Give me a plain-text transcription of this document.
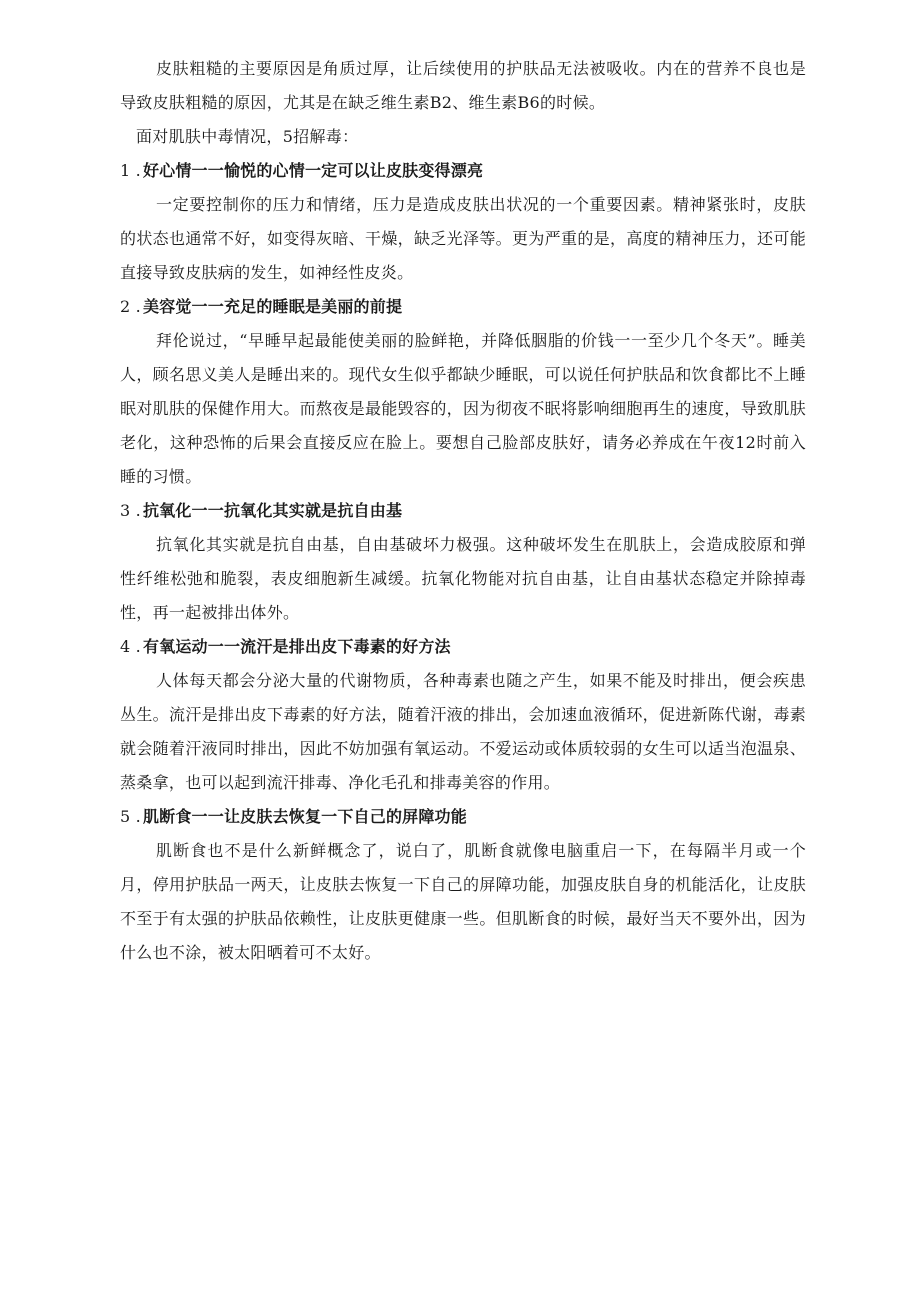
皮肤粗糙的主要原因是角质过厚，让后续使用的护肤品无法被吸收。内在的营养不良也是导致皮肤粗糙的原因，尤其是在缺乏维生素B2、维生素B6的时候。

面对肌肤中毒情况，5招解毒：

1 . 好心情一一愉悦的心情一定可以让皮肤变得漂亮

一定要控制你的压力和情绪，压力是造成皮肤出状况的一个重要因素。精神紧张时，皮肤的状态也通常不好，如变得灰暗、干燥，缺乏光泽等。更为严重的是，高度的精神压力，还可能直接导致皮肤病的发生，如神经性皮炎。

2 . 美容觉一一充足的睡眠是美丽的前提

拜伦说过，“早睡早起最能使美丽的脸鲜艳，并降低胭脂的价钱一一至少几个冬天”。睡美人，顾名思义美人是睡出来的。现代女生似乎都缺少睡眠，可以说任何护肤品和饮食都比不上睡眠对肌肤的保健作用大。而熬夜是最能毁容的，因为彻夜不眠将影响细胞再生的速度，导致肌肤老化，这种恐怖的后果会直接反应在脸上。要想自己脸部皮肤好，请务必养成在午夜12时前入睡的习惯。

3 . 抗氧化一一抗氧化其实就是抗自由基

抗氧化其实就是抗自由基，自由基破坏力极强。这种破坏发生在肌肤上，会造成胶原和弹性纤维松弛和脆裂，表皮细胞新生减缓。抗氧化物能对抗自由基，让自由基状态稳定并除掉毒性，再一起被排出体外。

4 . 有氧运动一一流汗是排出皮下毒素的好方法

人体每天都会分泌大量的代谢物质，各种毒素也随之产生，如果不能及时排出，便会疾患丛生。流汗是排出皮下毒素的好方法，随着汗液的排出，会加速血液循环，促进新陈代谢，毒素就会随着汗液同时排出，因此不妨加强有氧运动。不爱运动或体质较弱的女生可以适当泡温泉、蒸桑拿，也可以起到流汗排毒、净化毛孔和排毒美容的作用。

5 . 肌断食一一让皮肤去恢复一下自己的屏障功能

肌断食也不是什么新鲜概念了，说白了，肌断食就像电脑重启一下，在每隔半月或一个月，停用护肤品一两天，让皮肤去恢复一下自己的屏障功能，加强皮肤自身的机能活化，让皮肤不至于有太强的护肤品依赖性，让皮肤更健康一些。但肌断食的时候，最好当天不要外出，因为什么也不涂，被太阳晒着可不太好。
